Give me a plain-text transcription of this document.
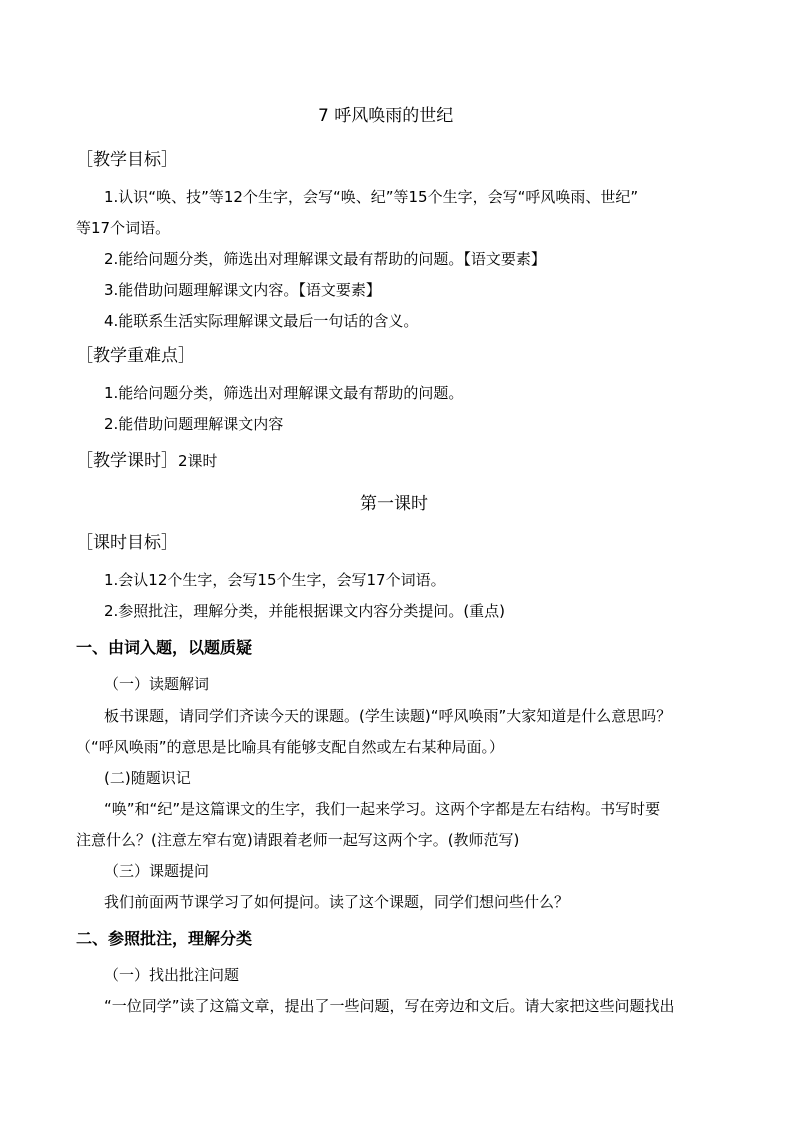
7 呼风唤雨的世纪
［教学目标］
1.认识“唤、技”等12个生字，会写“唤、纪”等15个生字，会写“呼风唤雨、世纪”
等17个词语。
2.能给问题分类，筛选出对理解课文最有帮助的问题。【语文要素】
3.能借助问题理解课文内容。【语文要素】
4.能联系生活实际理解课文最后一句话的含义。
［教学重难点］
1.能给问题分类，筛选出对理解课文最有帮助的问题。
2.能借助问题理解课文内容
［教学课时］2课时
第一课时
［课时目标］
1.会认12个生字，会写15个生字，会写17个词语。
2.参照批注，理解分类，并能根据课文内容分类提问。(重点)
一、由词入题，以题质疑
（一）读题解词
板书课题，请同学们齐读今天的课题。(学生读题)“呼风唤雨”大家知道是什么意思吗？
（“呼风唤雨”的意思是比喻具有能够支配自然或左右某种局面。）
(二)随题识记
“唤”和“纪”是这篇课文的生字，我们一起来学习。这两个字都是左右结构。书写时要
注意什么？(注意左窄右宽)请跟着老师一起写这两个字。(教师范写)
（三）课题提问
我们前面两节课学习了如何提问。读了这个课题，同学们想问些什么？
二、参照批注，理解分类
（一）找出批注问题
“一位同学”读了这篇文章，提出了一些问题，写在旁边和文后。请大家把这些问题找出
